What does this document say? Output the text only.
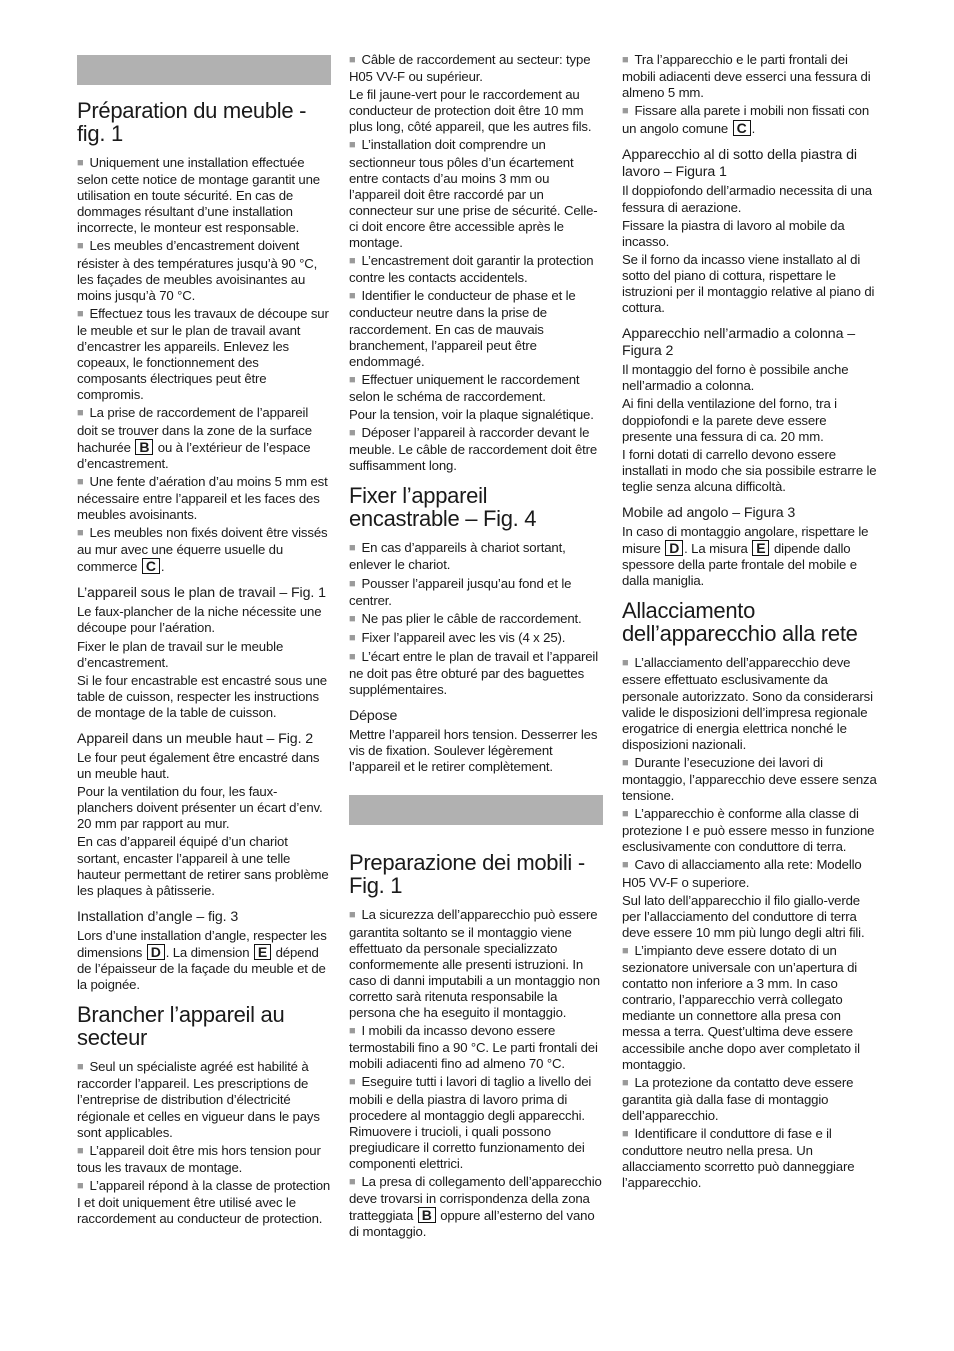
Préparation du meuble - fig. 1

■ Uniquement une installation effectuée selon cette notice de montage garantit une utilisation en toute sécurité. En cas de dommages résultant d’une installation incorrecte, le monteur est responsable.

■ Les meubles d’encastrement doivent résister à des températures jusqu’à 90 °C, les façades de meubles avoisinantes au moins jusqu’à 70 °C.

■ Effectuez tous les travaux de découpe sur le meuble et sur le plan de travail avant d’encastrer les appareils. Enlevez les copeaux, le fonctionnement des composants électriques peut être compromis.

■ La prise de raccordement de l’appareil doit se trouver dans la zone de la surface hachurée B ou à l’extérieur de l’espace d’encastrement.

■ Une fente d’aération d’au moins 5 mm est nécessaire entre l’appareil et les faces des meubles avoisinants.

■ Les meubles non fixés doivent être vissés au mur avec une équerre usuelle du commerce C .

L’appareil sous le plan de travail – Fig. 1

Le faux-plancher de la niche nécessite une découpe pour l’aération.

Fixer le plan de travail sur le meuble d’encastrement.

Si le four encastrable est encastré sous une table de cuisson, respecter les instructions de montage de la table de cuisson.

Appareil dans un meuble haut – Fig. 2

Le four peut également être encastré dans un meuble haut.

Pour la ventilation du four, les faux-planchers doivent présenter un écart d’env. 20 mm par rapport au mur.

En cas d’appareil équipé d’un chariot sortant, encaster l’appareil à une telle hauteur permettant de retirer sans problème les plaques à pâtisserie.

Installation d’angle – fig. 3

Lors d’une installation d’angle, respecter les dimensions D . La dimension E dépend de l’épaisseur de la façade du meuble et de la poignée.

Brancher l’appareil au secteur

■ Seul un spécialiste agréé est habilité à raccorder l’appareil. Les prescriptions de l’entreprise de distribution d’électricité régionale et celles en vigueur dans le pays sont applicables.

■ L’appareil doit être mis hors tension pour tous les travaux de montage.

■ L’appareil répond à la classe de protection I et doit uniquement être utilisé avec le raccordement au conducteur de protection.

■ Câble de raccordement au secteur: type H05 VV-F ou supérieur.

Le fil jaune-vert pour le raccordement au conducteur de protection doit être 10 mm plus long, côté appareil, que les autres fils.

■ L’installation doit comprendre un sectionneur tous pôles d’un écartement entre contacts d’au moins 3 mm ou l’appareil doit être raccordé par un connecteur sur une prise de sécurité. Celle-ci doit encore être accessible après le montage.

■ L’encastrement doit garantir la protection contre les contacts accidentels.

■ Identifier le conducteur de phase et le conducteur neutre dans la prise de raccordement. En cas de mauvais branchement, l’appareil peut être endommagé.

■ Effectuer uniquement le raccordement selon le schéma de raccordement.

Pour la tension, voir la plaque signalétique.

■ Déposer l’appareil à raccorder devant le meuble. Le câble de raccordement doit être suffisamment long.

Fixer l’appareil encastrable – Fig. 4

■ En cas d’appareils à chariot sortant, enlever le chariot.

■ Pousser l’appareil jusqu’au fond et le centrer.

■ Ne pas plier le câble de raccordement.

■ Fixer l’appareil avec les vis (4 x 25).

■ L’écart entre le plan de travail et l’appareil ne doit pas être obturé par des baguettes supplémentaires.

Dépose

Mettre l’appareil hors tension. Desserrer les vis de fixation. Soulever légèrement l’appareil et le retirer complètement.

Preparazione dei mobili - Fig. 1

■ La sicurezza dell’apparecchio può essere garantita soltanto se il montaggio viene effettuato da personale specializzato conformemente alle presenti istruzioni. In caso di danni imputabili a un montaggio non corretto sarà ritenuta responsabile la persona che ha eseguito il montaggio.

■ I mobili da incasso devono essere termostabili fino a 90 °C. Le parti frontali dei mobili adiacenti fino ad almeno 70 °C.

■ Eseguire tutti i lavori di taglio a livello dei mobili e della piastra di lavoro prima di procedere al montaggio degli apparecchi. Rimuovere i trucioli, i quali possono pregiudicare il corretto funzionamento dei componenti elettrici.

■ La presa di collegamento dell’apparecchio deve trovarsi in corrispondenza della zona tratteggiata B oppure all’esterno del vano di montaggio.

■ Tra l’apparecchio e le parti frontali dei mobili adiacenti deve esserci una fessura di almeno 5 mm.

■ Fissare alla parete i mobili non fissati con un angolo comune C .

Apparecchio al di sotto della piastra di lavoro – Figura 1

Il doppiofondo dell’armadio necessita di una fessura di aerazione.

Fissare la piastra di lavoro al mobile da incasso.

Se il forno da incasso viene installato al di sotto del piano di cottura, rispettare le istruzioni per il montaggio relative al piano di cottura.

Apparecchio nell’armadio a colonna – Figura 2

Il montaggio del forno è possibile anche nell’armadio a colonna.

Ai fini della ventilazione del forno, tra i doppiofondi e la parete deve essere presente una fessura di ca. 20 mm.

I forni dotati di carrello devono essere installati in modo che sia possibile estrarre le teglie senza alcuna difficoltà.

Mobile ad angolo – Figura 3

In caso di montaggio angolare, rispettare le misure D . La misura E dipende dallo spessore della parte frontale del mobile e dalla maniglia.

Allacciamento dell’apparecchio alla rete

■ L’allacciamento dell’apparecchio deve essere effettuato esclusivamente da personale autorizzato. Sono da considerarsi valide le disposizioni dell’impresa regionale erogatrice di energia elettrica nonché le disposizioni nazionali.

■ Durante l’esecuzione dei lavori di montaggio, l’apparecchio deve essere senza tensione.

■ L’apparecchio è conforme alla classe di protezione I e può essere messo in funzione esclusivamente con conduttore di terra.

■ Cavo di allacciamento alla rete: Modello H05 VV-F o superiore.

Sul lato dell’apparecchio il filo giallo-verde per l’allacciamento del conduttore di terra deve essere 10 mm più lungo degli altri fili.

■ L’impianto deve essere dotato di un sezionatore universale con un’apertura di contatto non inferiore a 3 mm. In caso contrario, l’apparecchio verrà collegato mediante un connettore alla presa con messa a terra. Quest’ultima deve essere accessibile anche dopo aver completato il montaggio.

■ La protezione da contatto deve essere garantita già dalla fase di montaggio dell’apparecchio.

■ Identificare il conduttore di fase e il conduttore neutro nella presa. Un allacciamento scorretto può danneggiare l’apparecchio.
